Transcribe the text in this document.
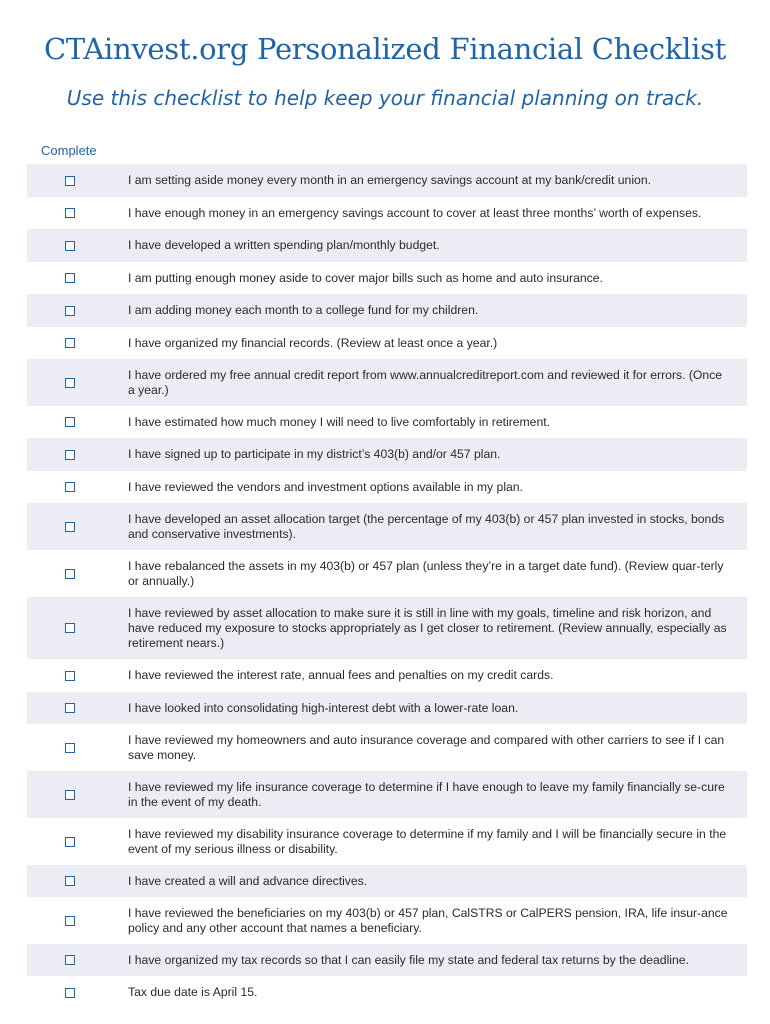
CTAinvest.org Personalized Financial Checklist
Use this checklist to help keep your financial planning on track.
Complete
I am setting aside money every month in an emergency savings account at my bank/credit union.
I have enough money in an emergency savings account to cover at least three months’ worth of expenses.
I have developed a written spending plan/monthly budget.
I am putting enough money aside to cover major bills such as home and auto insurance.
I am adding money each month to a college fund for my children.
I have organized my financial records. (Review at least once a year.)
I have ordered my free annual credit report from www.annualcreditreport.com and reviewed it for errors. (Once a year.)
I have estimated how much money I will need to live comfortably in retirement.
I have signed up to participate in my district’s 403(b) and/or 457 plan.
I have reviewed the vendors and investment options available in my plan.
I have developed an asset allocation target (the percentage of my 403(b) or 457 plan invested in stocks, bonds and conservative investments).
I have rebalanced the assets in my 403(b) or 457 plan (unless they’re in a target date fund). (Review quar-terly or annually.)
I have reviewed by asset allocation to make sure it is still in line with my goals, timeline and risk horizon, and have reduced my exposure to stocks appropriately as I get closer to retirement. (Review annually, especially as retirement nears.)
I have reviewed the interest rate, annual fees and penalties on my credit cards.
I have looked into consolidating high-interest debt with a lower-rate loan.
I have reviewed my homeowners and auto insurance coverage and compared with other carriers to see if I can save money.
I have reviewed my life insurance coverage to determine if I have enough to leave my family financially se-cure in the event of my death.
I have reviewed my disability insurance coverage to determine if my family and I will be financially secure in the event of my serious illness or disability.
I have created a will and advance directives.
I have reviewed the beneficiaries on my 403(b) or 457 plan, CalSTRS or CalPERS pension, IRA, life insur-ance policy and any other account that names a beneficiary.
I have organized my tax records so that I can easily file my state and federal tax returns by the deadline.
Tax due date is April 15.
